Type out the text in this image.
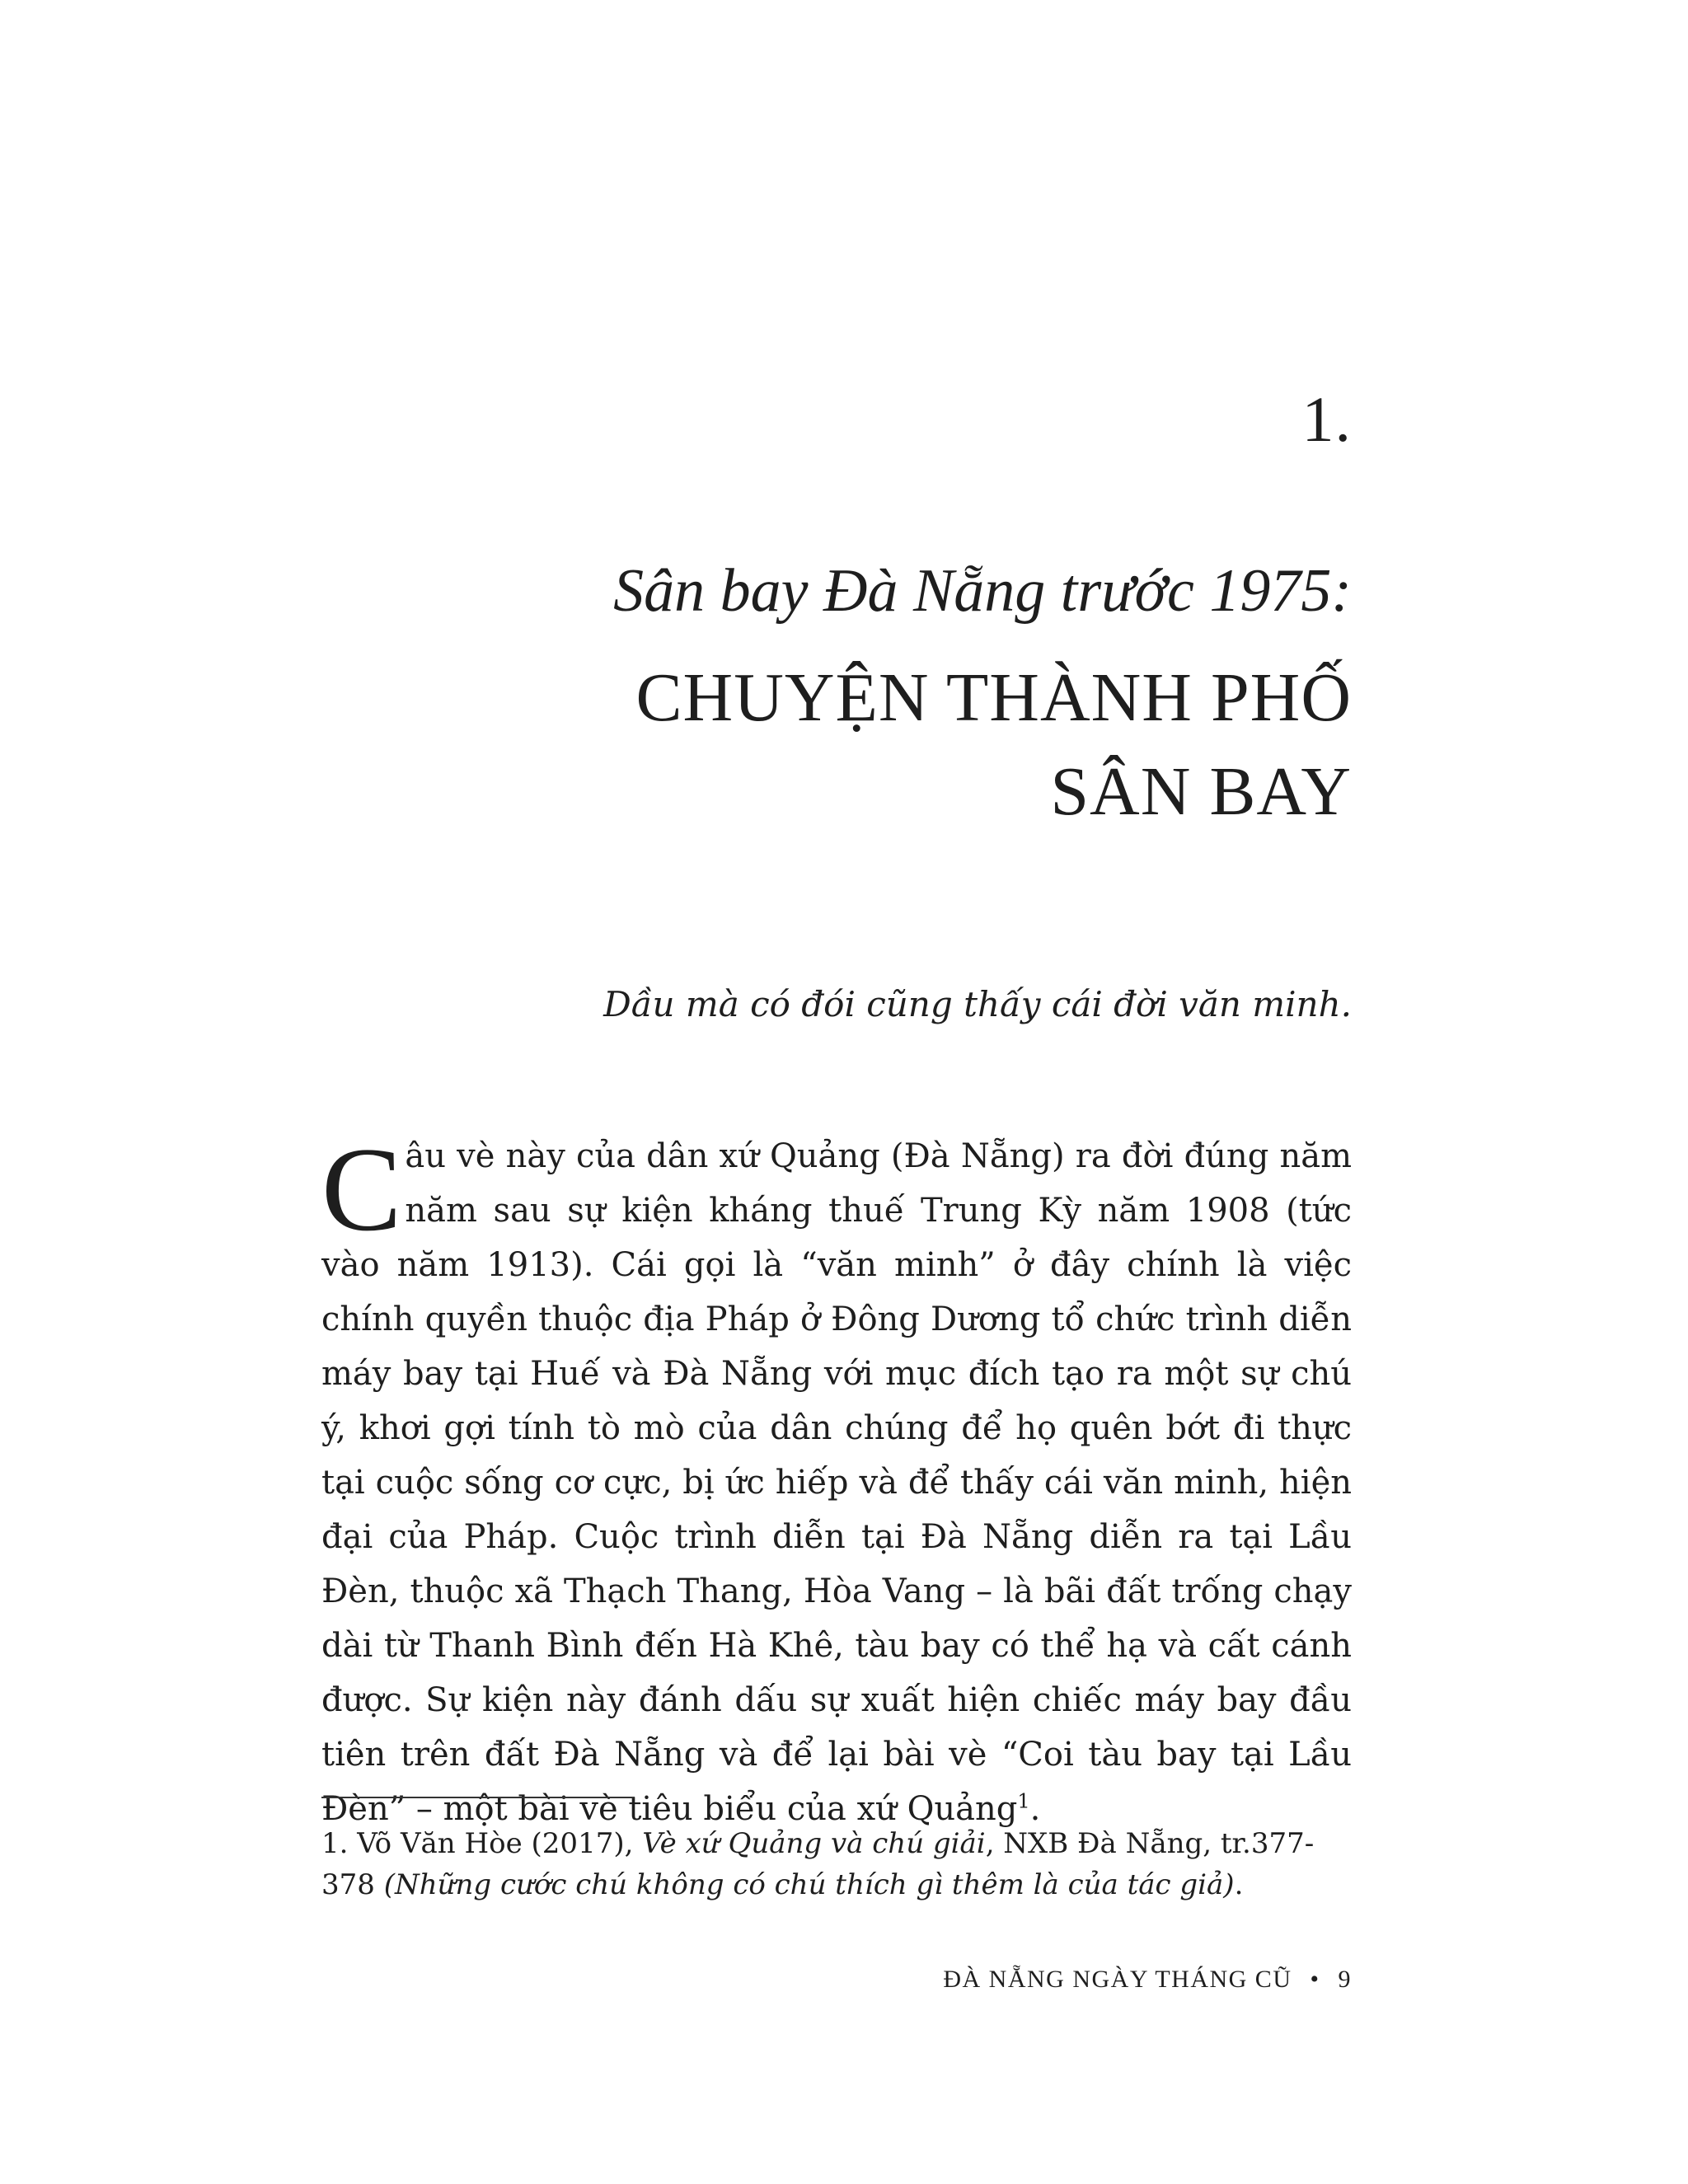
1.
Sân bay Đà Nẵng trước 1975:
CHUYỆN THÀNH PHỐ
SÂN BAY
Dầu mà có đói cũng thấy cái đời văn minh.
Câu vè này của dân xứ Quảng (Đà Nẵng) ra đời đúng năm năm sau sự kiện kháng thuế Trung Kỳ năm 1908 (tức vào năm 1913). Cái gọi là “văn minh” ở đây chính là việc chính quyền thuộc địa Pháp ở Đông Dương tổ chức trình diễn máy bay tại Huế và Đà Nẵng với mục đích tạo ra một sự chú ý, khơi gợi tính tò mò của dân chúng để họ quên bớt đi thực tại cuộc sống cơ cực, bị ức hiếp và để thấy cái văn minh, hiện đại của Pháp. Cuộc trình diễn tại Đà Nẵng diễn ra tại Lầu Đèn, thuộc xã Thạch Thang, Hòa Vang – là bãi đất trống chạy dài từ Thanh Bình đến Hà Khê, tàu bay có thể hạ và cất cánh được. Sự kiện này đánh dấu sự xuất hiện chiếc máy bay đầu tiên trên đất Đà Nẵng và để lại bài vè “Coi tàu bay tại Lầu Đèn” – một bài vè tiêu biểu của xứ Quảng$^1$.
1. Võ Văn Hòe (2017), Vè xứ Quảng và chú giải, NXB Đà Nẵng, tr.377-378 (Những cước chú không có chú thích gì thêm là của tác giả).
ĐÀ NẴNG NGÀY THÁNG CŨ • 9
